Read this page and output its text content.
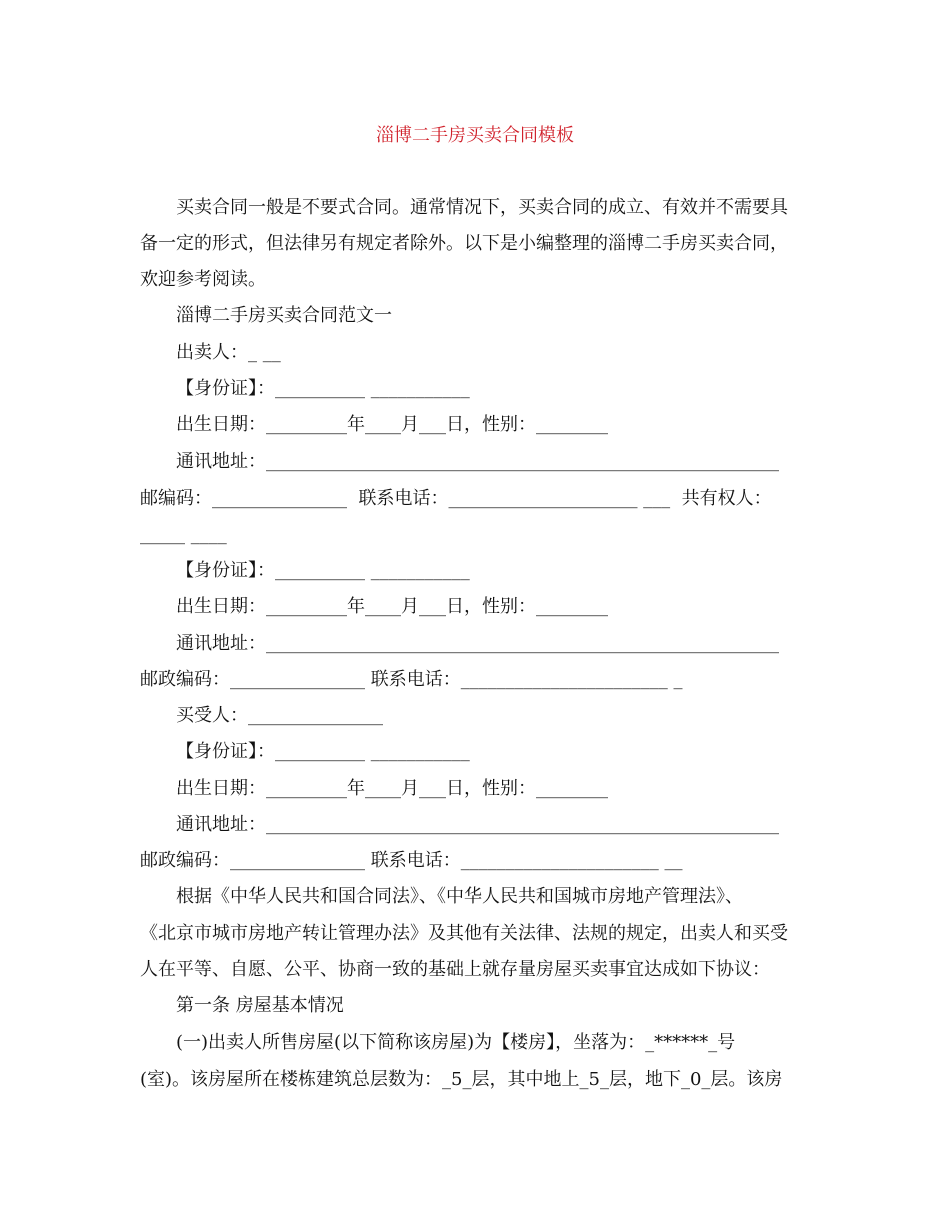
淄博二手房买卖合同模板
买卖合同一般是不要式合同。通常情况下，买卖合同的成立、有效并不需要具
备一定的形式，但法律另有规定者除外。以下是小编整理的淄博二手房买卖合同，
欢迎参考阅读。
淄博二手房买卖合同范文一
出卖人：_ __
【身份证】：__________ ___________
出生日期：_________年____月___日，性别：________
通讯地址：_________________________________________________________
邮编码：_______________  联系电话：_____________________ ___  共有权人：
_____ ____
【身份证】：__________ ___________
出生日期：_________年____月___日，性别：________
通讯地址：_________________________________________________________
邮政编码：_______________ 联系电话：_______________________ _
买受人：_______________
【身份证】：__________ ___________
出生日期：_________年____月___日，性别：________
通讯地址：_________________________________________________________
邮政编码：_______________ 联系电话：______________________ __
根据《中华人民共和国合同法》、《中华人民共和国城市房地产管理法》、
《北京市城市房地产转让管理办法》及其他有关法律、法规的规定，出卖人和买受
人在平等、自愿、公平、协商一致的基础上就存量房屋买卖事宜达成如下协议：
第一条 房屋基本情况
(一)出卖人所售房屋(以下简称该房屋)为【楼房】，坐落为：_******_号
(室)。该房屋所在楼栋建筑总层数为：_5_层，其中地上_5_层，地下_0_层。该房
